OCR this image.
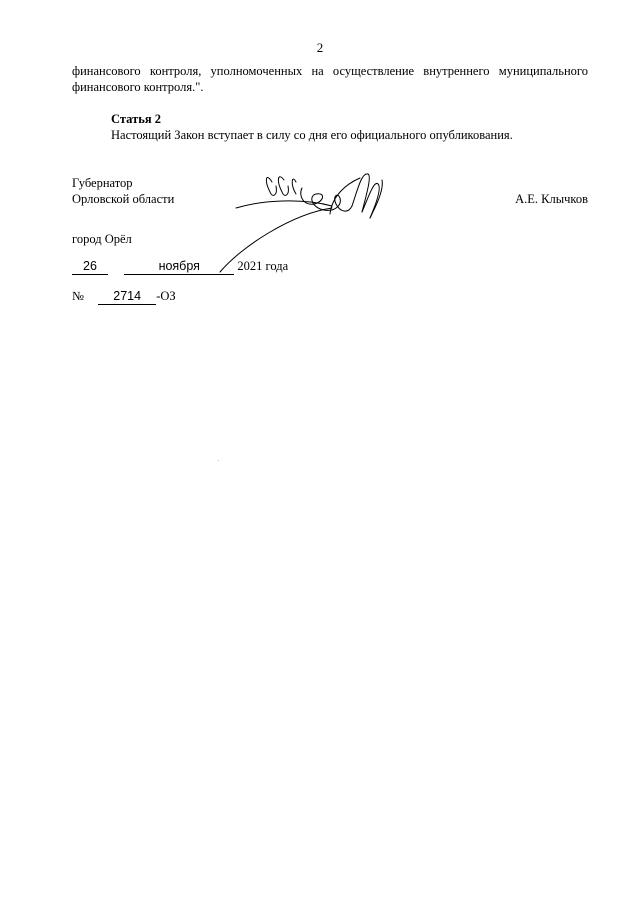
2
финансового контроля, уполномоченных на осуществление внутреннего муниципального
финансового контроля.".
Статья 2
Настоящий Закон вступает в силу со дня его официального опубликования.
Губернатор
Орловской области	А.Е. Клычков
город Орёл
26	ноября	2021 года
№ 2714 -ОЗ
